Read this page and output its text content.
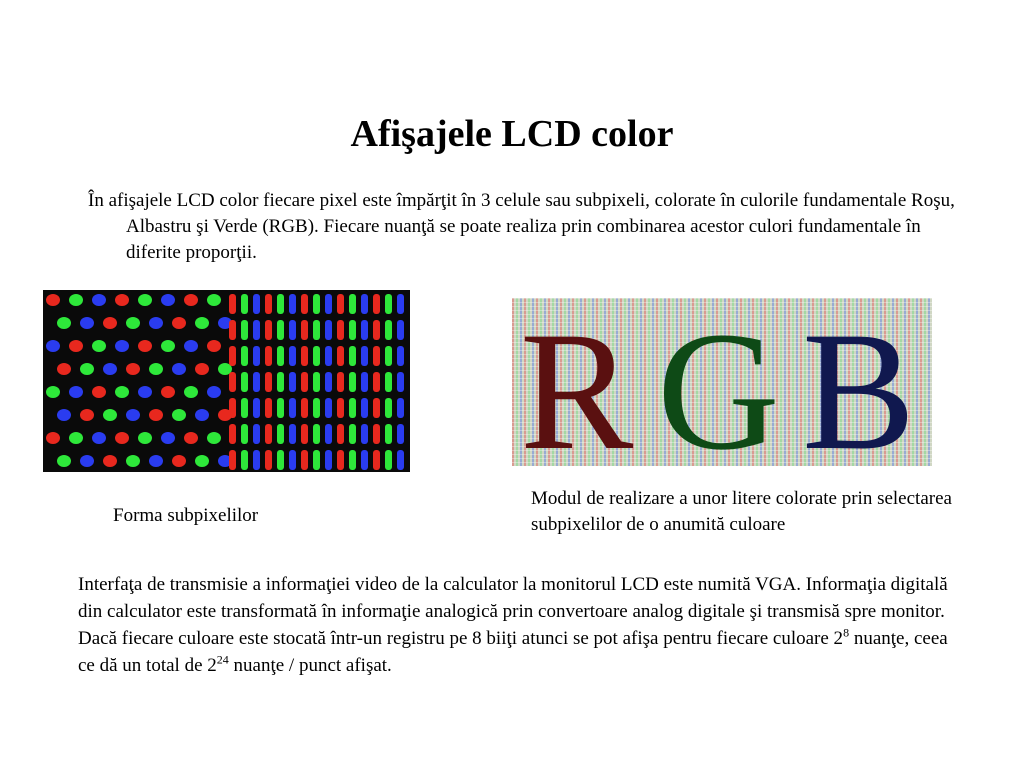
Afişajele LCD color
În afişajele LCD color fiecare pixel este împărţit în 3 celule sau subpixeli, colorate în culorile fundamentale Roşu, Albastru şi Verde (RGB). Fiecare nuanţă se poate realiza prin combinarea acestor culori fundamentale în diferite proporţii.
R G B
Forma subpixelilor
Modul de realizare a unor litere colorate prin selectarea subpixelilor de o anumită culoare
Interfaţa de transmisie a informaţiei video de la calculator la monitorul LCD este numită VGA. Informaţia digitală din calculator este transformată în informaţie analogică prin convertoare analog digitale şi transmisă spre monitor. Dacă fiecare culoare este stocată într-un registru pe 8 biiţi atunci se pot afişa pentru fiecare culoare $2^8$ nuanţe, ceea ce dă un total de $2^{24}$ nuanţe / punct afişat.
